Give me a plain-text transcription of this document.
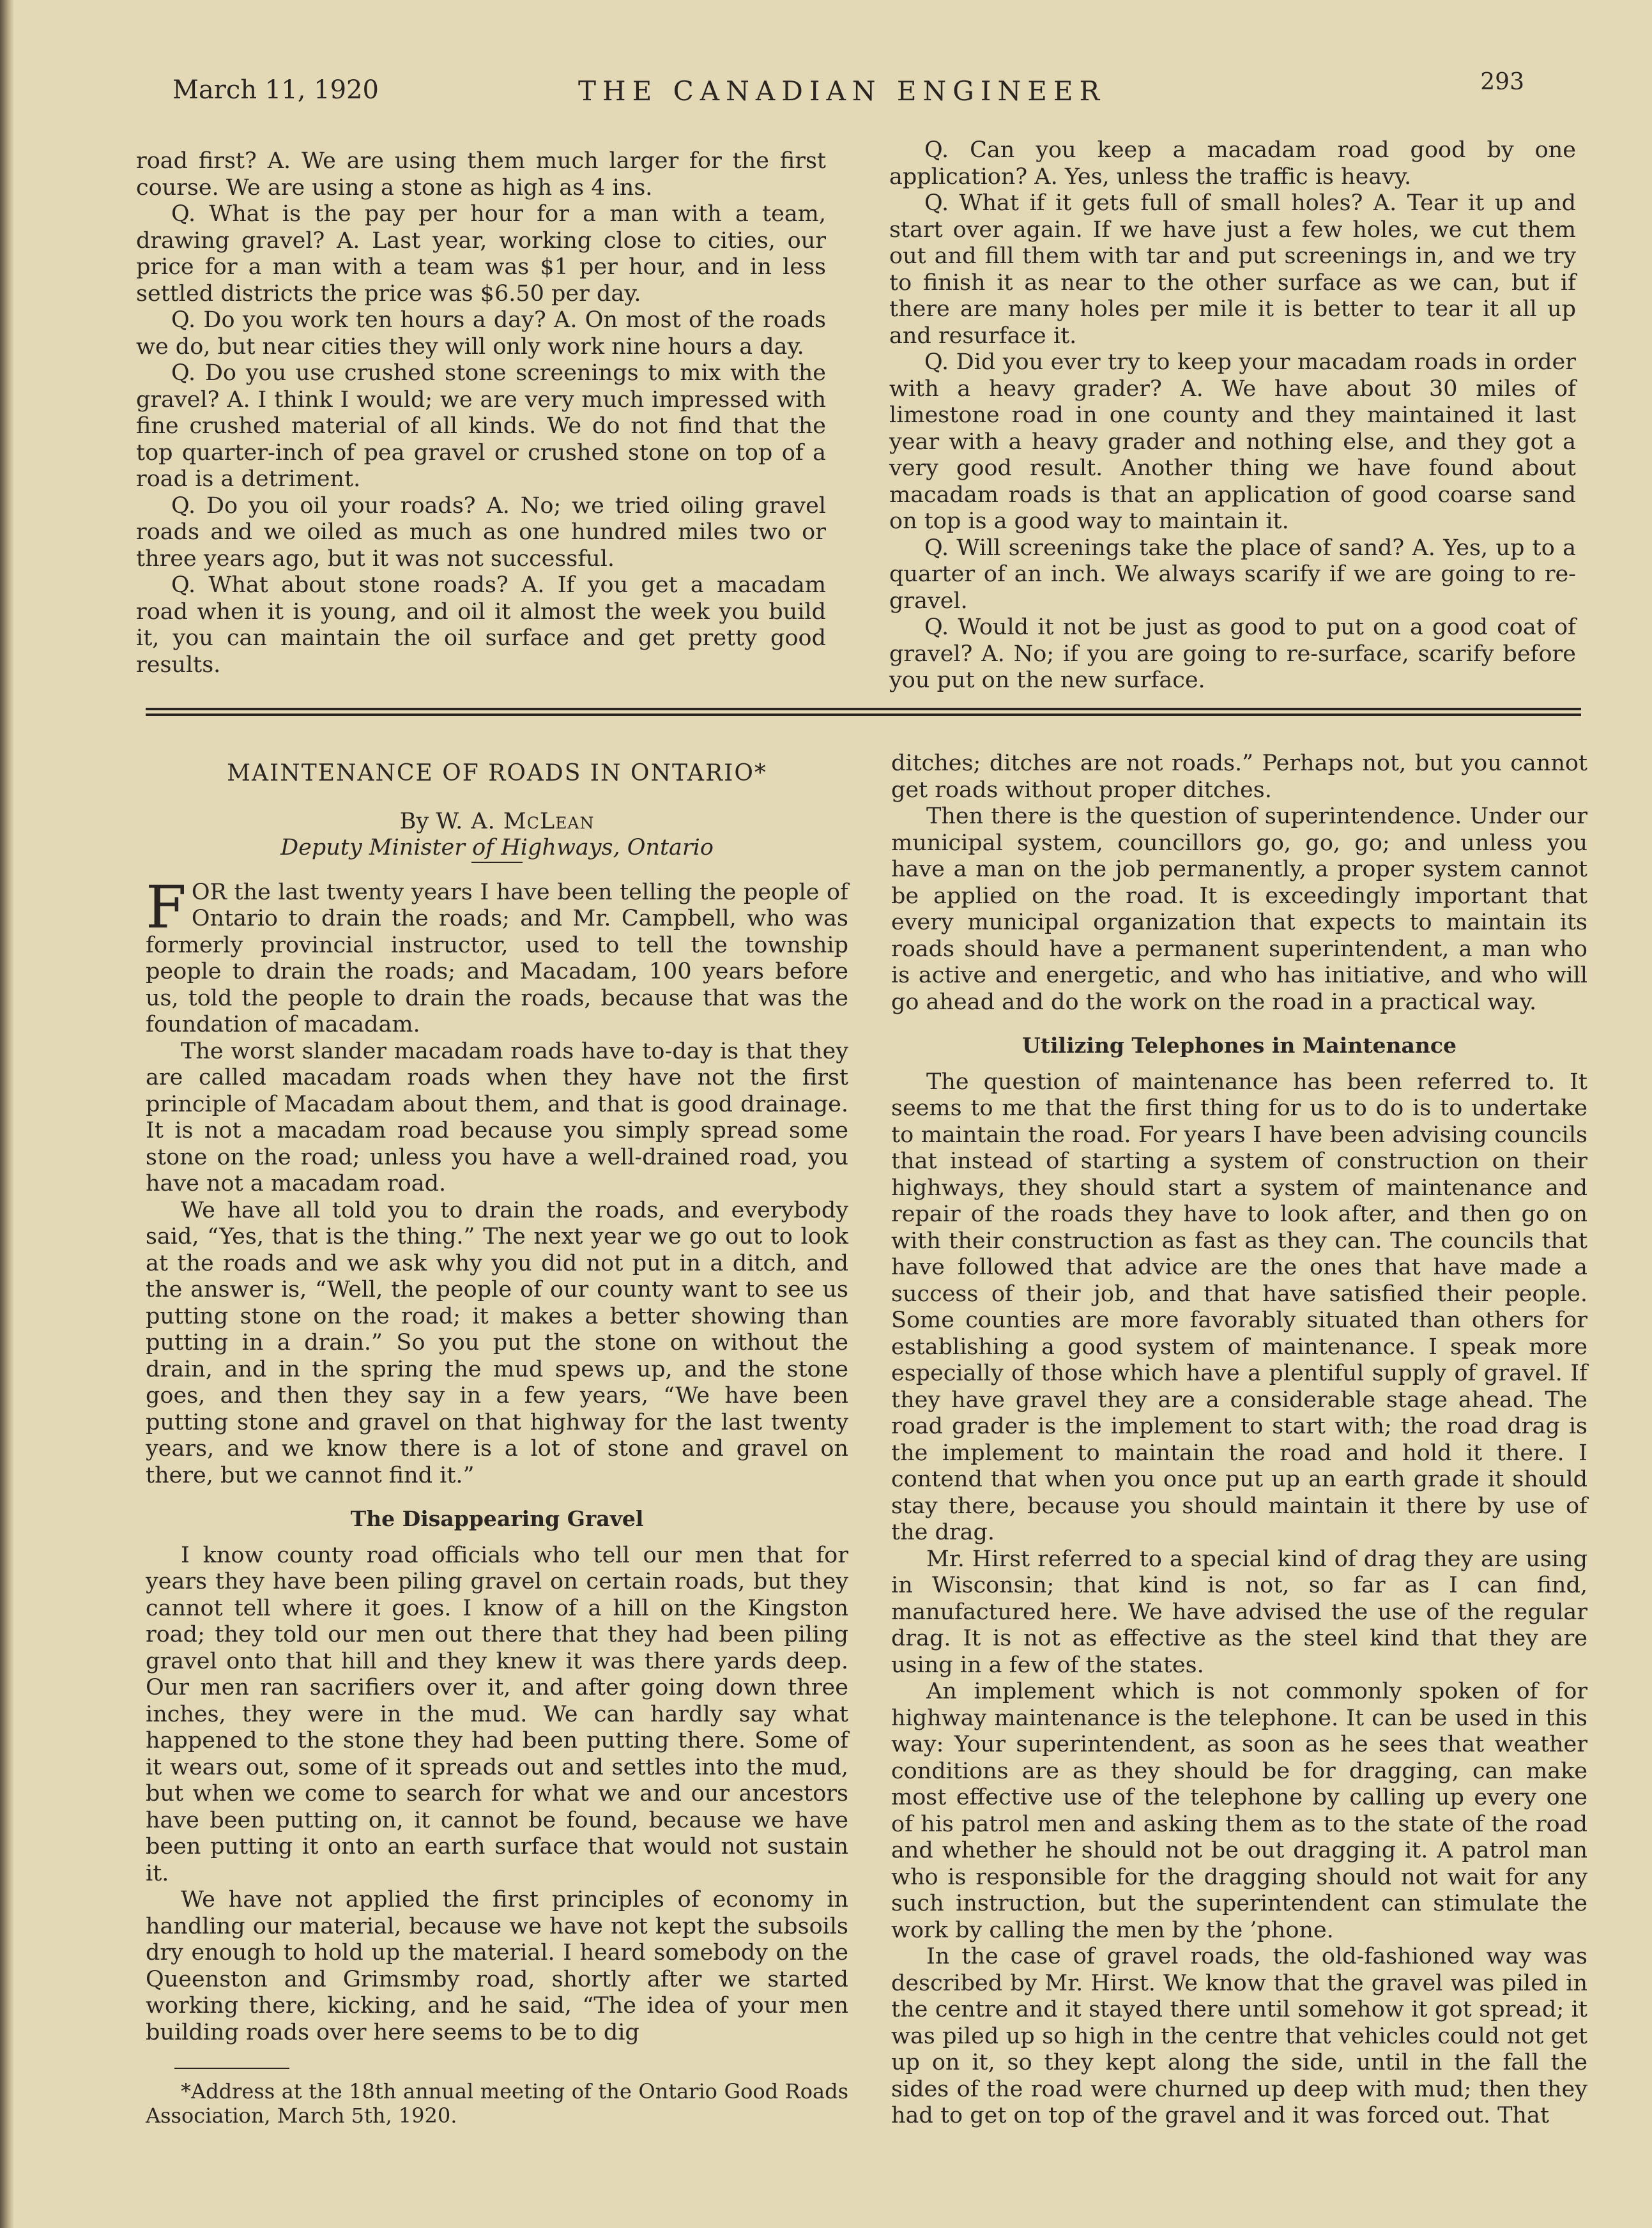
March 11, 1920	THE CANADIAN ENGINEER	293

road first? A. We are using them much larger for the first course. We are using a stone as high as 4 ins.

Q. What is the pay per hour for a man with a team, drawing gravel? A. Last year, working close to cities, our price for a man with a team was $1 per hour, and in less settled districts the price was $6.50 per day.

Q. Do you work ten hours a day? A. On most of the roads we do, but near cities they will only work nine hours a day.

Q. Do you use crushed stone screenings to mix with the gravel? A. I think I would; we are very much impressed with fine crushed material of all kinds. We do not find that the top quarter-inch of pea gravel or crushed stone on top of a road is a detriment.

Q. Do you oil your roads? A. No; we tried oiling gravel roads and we oiled as much as one hundred miles two or three years ago, but it was not successful.

Q. What about stone roads? A. If you get a macadam road when it is young, and oil it almost the week you build it, you can maintain the oil surface and get pretty good results.

Q. Can you keep a macadam road good by one application? A. Yes, unless the traffic is heavy.

Q. What if it gets full of small holes? A. Tear it up and start over again. If we have just a few holes, we cut them out and fill them with tar and put screenings in, and we try to finish it as near to the other surface as we can, but if there are many holes per mile it is better to tear it all up and resurface it.

Q. Did you ever try to keep your macadam roads in order with a heavy grader? A. We have about 30 miles of limestone road in one county and they maintained it last year with a heavy grader and nothing else, and they got a very good result. Another thing we have found about macadam roads is that an application of good coarse sand on top is a good way to maintain it.

Q. Will screenings take the place of sand? A. Yes, up to a quarter of an inch. We always scarify if we are going to re-gravel.

Q. Would it not be just as good to put on a good coat of gravel? A. No; if you are going to re-surface, scarify before you put on the new surface.

MAINTENANCE OF ROADS IN ONTARIO*

By W. A. McLean

Deputy Minister of Highways, Ontario

FOR the last twenty years I have been telling the people of Ontario to drain the roads; and Mr. Campbell, who was formerly provincial instructor, used to tell the township people to drain the roads; and Macadam, 100 years before us, told the people to drain the roads, because that was the foundation of macadam.

The worst slander macadam roads have to-day is that they are called macadam roads when they have not the first principle of Macadam about them, and that is good drainage. It is not a macadam road because you simply spread some stone on the road; unless you have a well-drained road, you have not a macadam road.

We have all told you to drain the roads, and everybody said, “Yes, that is the thing.” The next year we go out to look at the roads and we ask why you did not put in a ditch, and the answer is, “Well, the people of our county want to see us putting stone on the road; it makes a better showing than putting in a drain.” So you put the stone on without the drain, and in the spring the mud spews up, and the stone goes, and then they say in a few years, “We have been putting stone and gravel on that highway for the last twenty years, and we know there is a lot of stone and gravel on there, but we cannot find it.”

The Disappearing Gravel

I know county road officials who tell our men that for years they have been piling gravel on certain roads, but they cannot tell where it goes. I know of a hill on the Kingston road; they told our men out there that they had been piling gravel onto that hill and they knew it was there yards deep. Our men ran sacrifiers over it, and after going down three inches, they were in the mud. We can hardly say what happened to the stone they had been putting there. Some of it wears out, some of it spreads out and settles into the mud, but when we come to search for what we and our ancestors have been putting on, it cannot be found, because we have been putting it onto an earth surface that would not sustain it.

We have not applied the first principles of economy in handling our material, because we have not kept the subsoils dry enough to hold up the material. I heard somebody on the Queenston and Grimsmby road, shortly after we started working there, kicking, and he said, “The idea of your men building roads over here seems to be to dig

*Address at the 18th annual meeting of the Ontario Good Roads Association, March 5th, 1920.

ditches; ditches are not roads.” Perhaps not, but you cannot get roads without proper ditches.

Then there is the question of superintendence. Under our municipal system, councillors go, go, go; and unless you have a man on the job permanently, a proper system cannot be applied on the road. It is exceedingly important that every municipal organization that expects to maintain its roads should have a permanent superintendent, a man who is active and energetic, and who has initiative, and who will go ahead and do the work on the road in a practical way.

Utilizing Telephones in Maintenance

The question of maintenance has been referred to. It seems to me that the first thing for us to do is to undertake to maintain the road. For years I have been advising councils that instead of starting a system of construction on their highways, they should start a system of maintenance and repair of the roads they have to look after, and then go on with their construction as fast as they can. The councils that have followed that advice are the ones that have made a success of their job, and that have satisfied their people. Some counties are more favorably situated than others for establishing a good system of maintenance. I speak more especially of those which have a plentiful supply of gravel. If they have gravel they are a considerable stage ahead. The road grader is the implement to start with; the road drag is the implement to maintain the road and hold it there. I contend that when you once put up an earth grade it should stay there, because you should maintain it there by use of the drag.

Mr. Hirst referred to a special kind of drag they are using in Wisconsin; that kind is not, so far as I can find, manufactured here. We have advised the use of the regular drag. It is not as effective as the steel kind that they are using in a few of the states.

An implement which is not commonly spoken of for highway maintenance is the telephone. It can be used in this way: Your superintendent, as soon as he sees that weather conditions are as they should be for dragging, can make most effective use of the telephone by calling up every one of his patrol men and asking them as to the state of the road and whether he should not be out dragging it. A patrol man who is responsible for the dragging should not wait for any such instruction, but the superintendent can stimulate the work by calling the men by the ’phone.

In the case of gravel roads, the old-fashioned way was described by Mr. Hirst. We know that the gravel was piled in the centre and it stayed there until somehow it got spread; it was piled up so high in the centre that vehicles could not get up on it, so they kept along the side, until in the fall the sides of the road were churned up deep with mud; then they had to get on top of the gravel and it was forced out. That
